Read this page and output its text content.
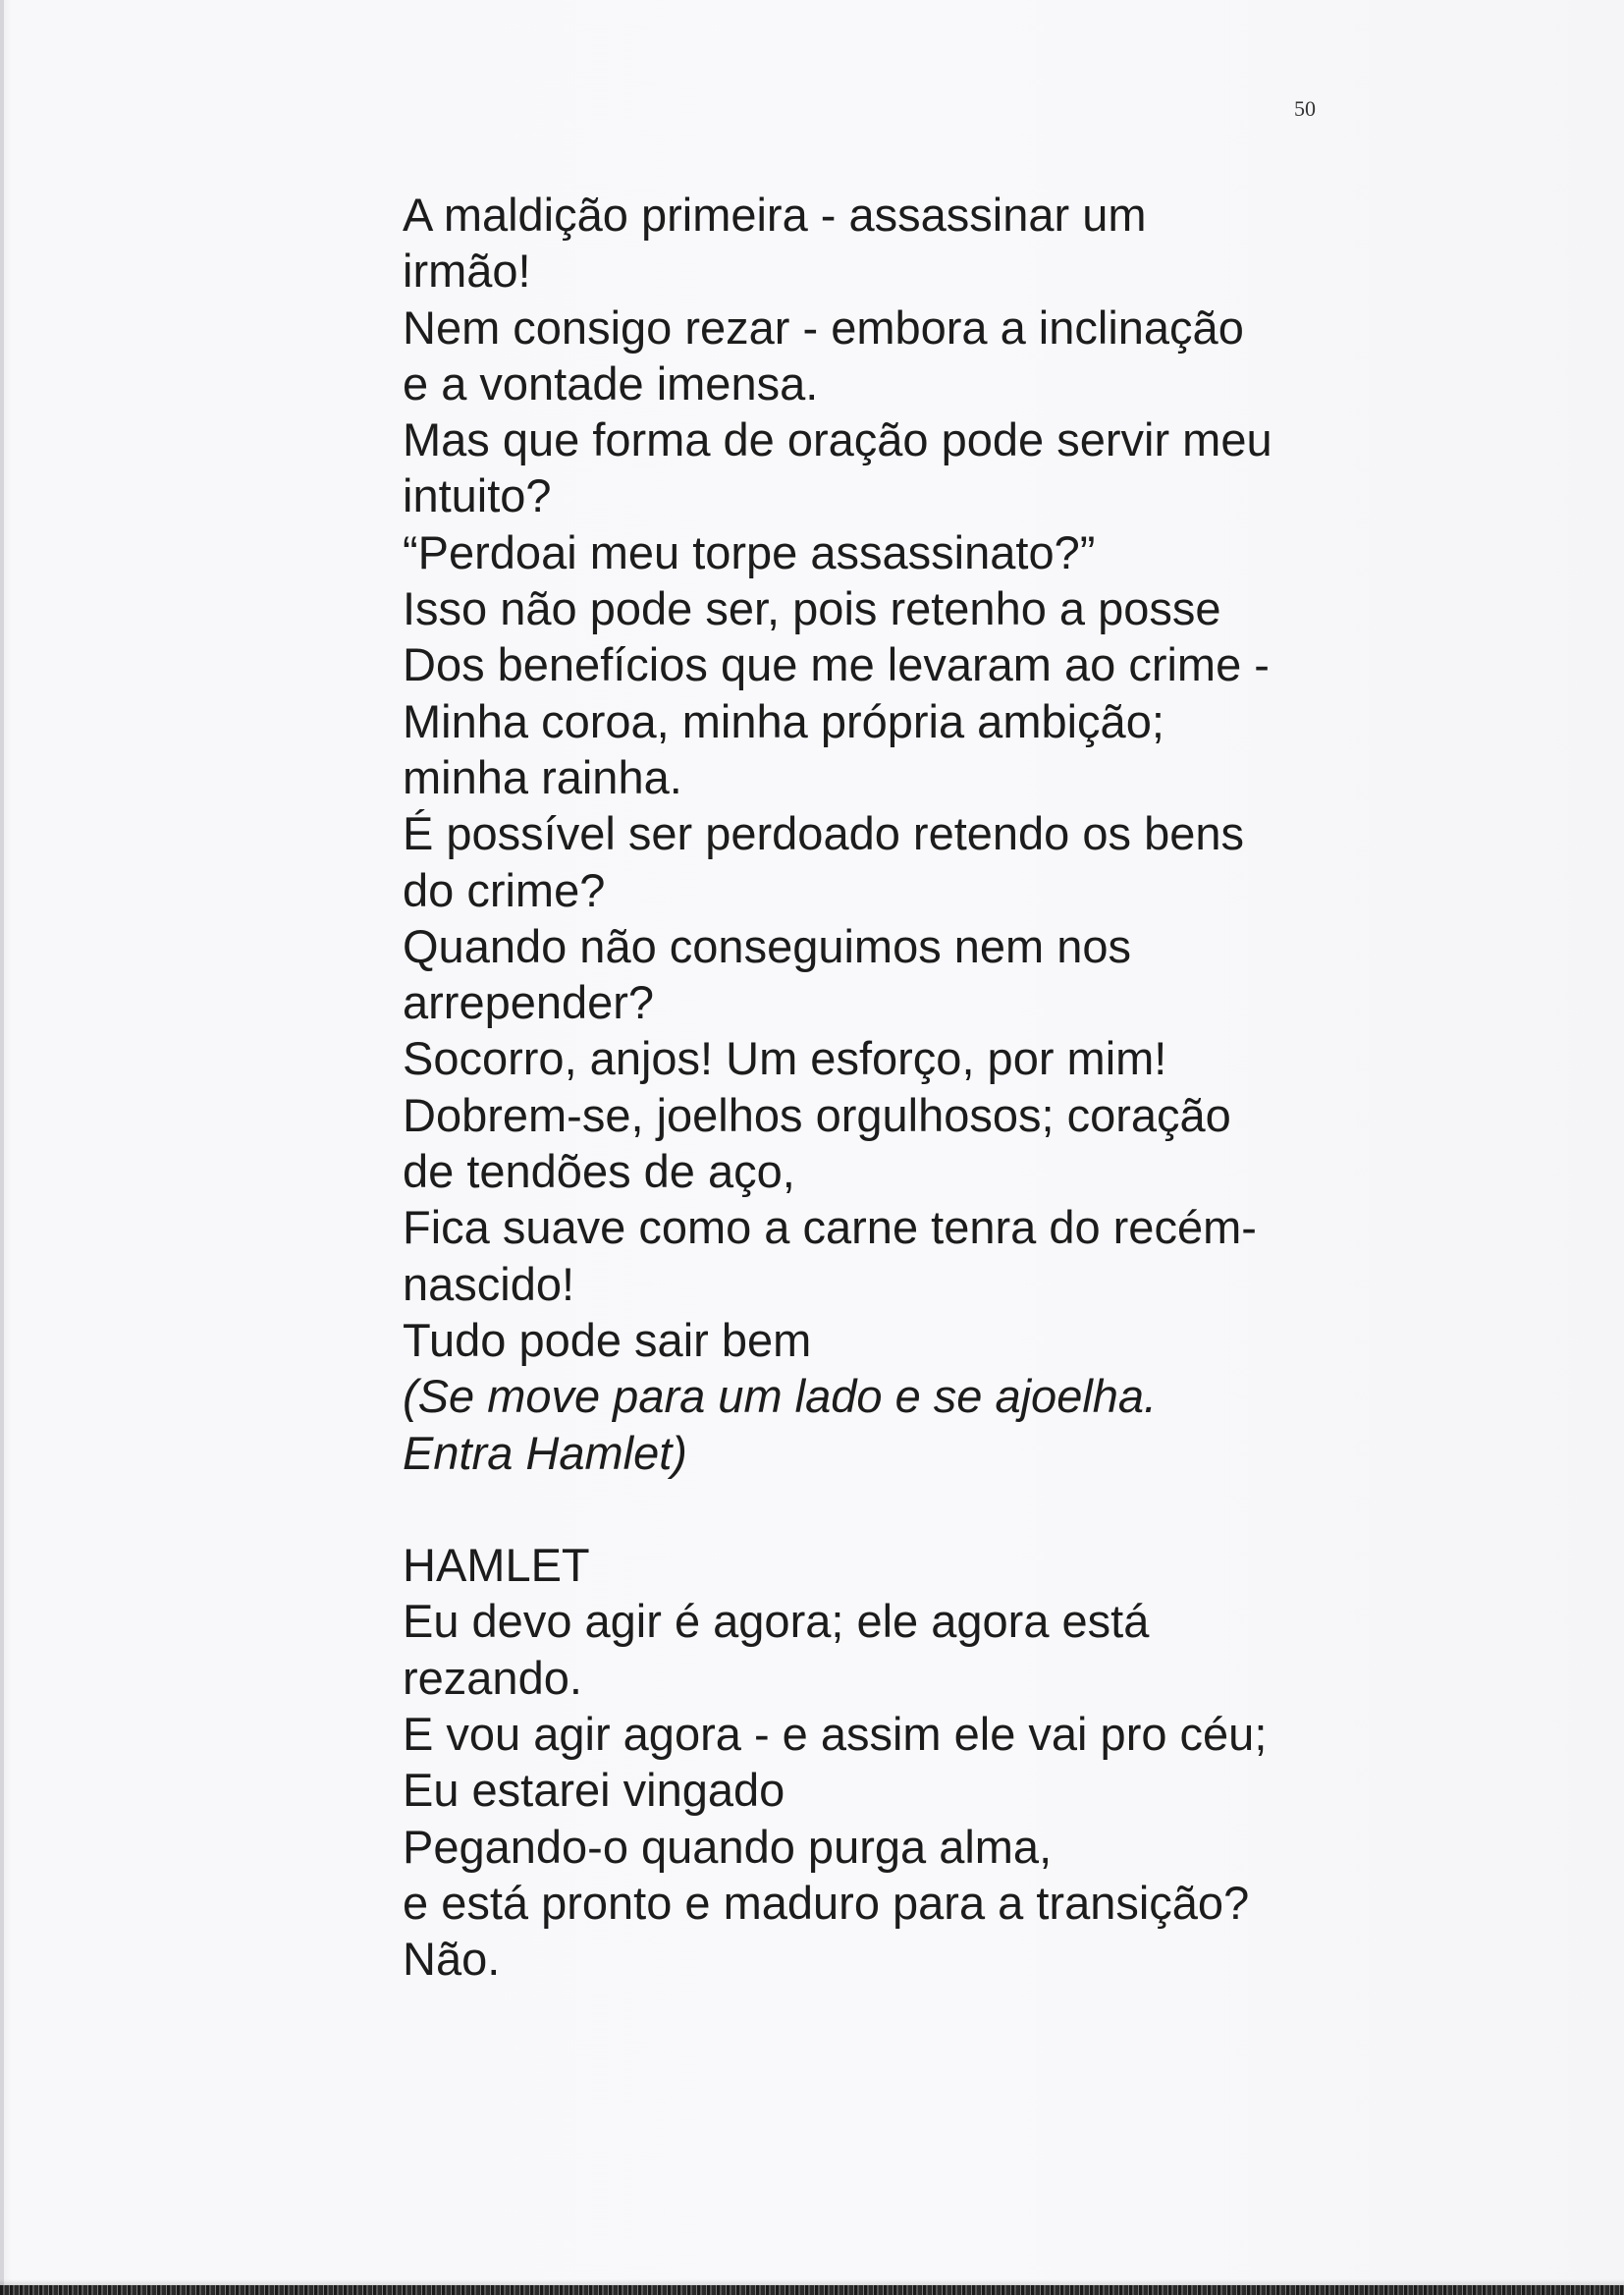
50
A maldição primeira - assassinar um
irmão!
Nem consigo rezar - embora a inclinação
e a vontade imensa.
Mas que forma de oração pode servir meu
intuito?
“Perdoai meu torpe assassinato?”
Isso não pode ser, pois retenho a posse
Dos benefícios que me levaram ao crime -
Minha coroa, minha própria ambição;
minha rainha.
É possível ser perdoado retendo os bens
do crime?
Quando não conseguimos nem nos
arrepender?
Socorro, anjos! Um esforço, por mim!
Dobrem-se, joelhos orgulhosos; coração
de tendões de aço,
Fica suave como a carne tenra do recém-
nascido!
Tudo pode sair bem
(Se move para um lado e se ajoelha.
Entra Hamlet)
HAMLET
Eu devo agir é agora; ele agora está
rezando.
E vou agir agora - e assim ele vai pro céu;
Eu estarei vingado
Pegando-o quando purga alma,
e está pronto e maduro para a transição?
Não.
